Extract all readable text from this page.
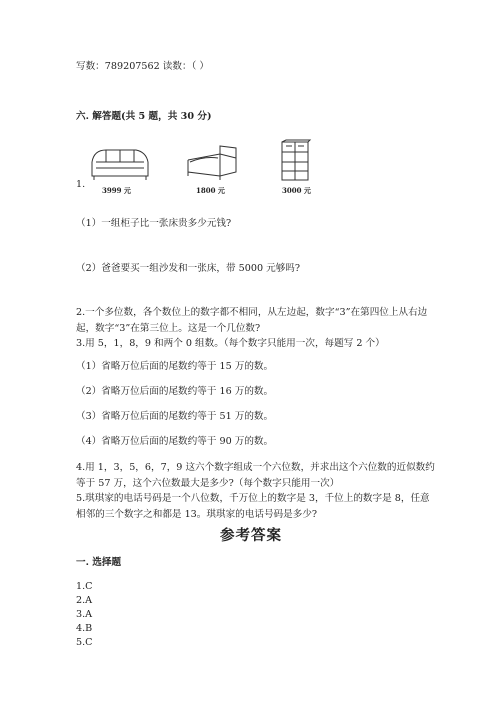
写数：789207562 读数：（ ）
六. 解答题(共 5 题，共 30 分)
1.
3999 元	1800 元	3000 元
（1）一组柜子比一张床贵多少元钱?
（2）爸爸要买一组沙发和一张床，带 5000 元够吗?
2.一个多位数，各个数位上的数字都不相同，从左边起，数字“3”在第四位上从右边起，数字“3”在第三位上。这是一个几位数?
3.用 5，1，8，9 和两个 0 组数。（每个数字只能用一次，每题写 2 个）
（1）省略万位后面的尾数约等于 15 万的数。
（2）省略万位后面的尾数约等于 16 万的数。
（3）省略万位后面的尾数约等于 51 万的数。
（4）省略万位后面的尾数约等于 90 万的数。
4.用 1，3，5，6，7，9 这六个数字组成一个六位数，并求出这个六位数的近似数约等于 57 万，这个六位数最大是多少?（每个数字只能用一次）
5.琪琪家的电话号码是一个八位数，千万位上的数字是 3，千位上的数字是 8，任意相邻的三个数字之和都是 13。琪琪家的电话号码是多少?
参考答案
一. 选择题
1.C
2.A
3.A
4.B
5.C
